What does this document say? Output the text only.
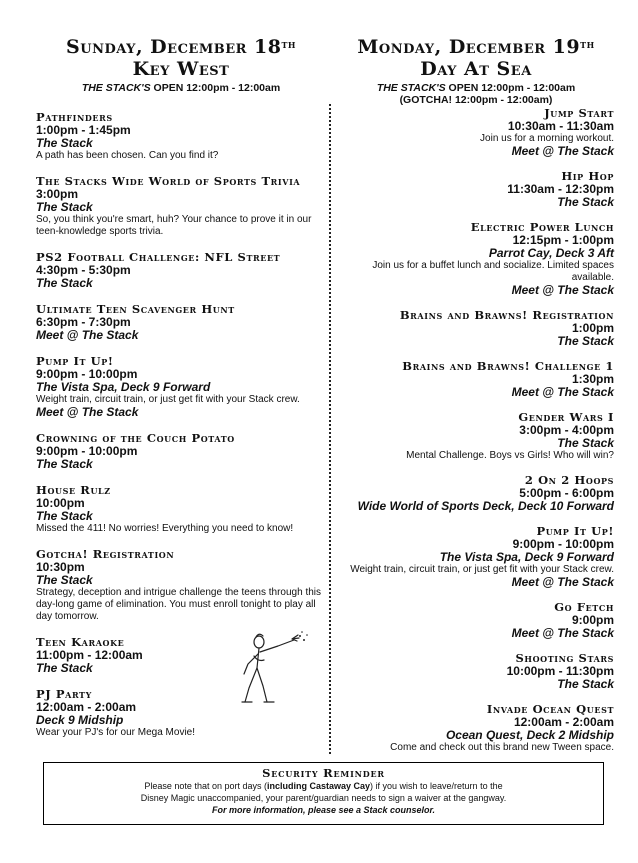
Sunday, December 18th
Key West
THE STACK'S OPEN 12:00pm - 12:00am
Monday, December 19th
Day At Sea
THE STACK'S OPEN 12:00pm - 12:00am
(GOTCHA! 12:00pm - 12:00am)
Pathfinders
1:00pm - 1:45pm
The Stack
A path has been chosen. Can you find it?
The Stacks Wide World of Sports Trivia
3:00pm
The Stack
So, you think you're smart, huh? Your chance to prove it in our teen-knowledge sports trivia.
PS2 Football Challenge: NFL Street
4:30pm - 5:30pm
The Stack
Ultimate Teen Scavenger Hunt
6:30pm - 7:30pm
Meet @ The Stack
Pump It Up!
9:00pm - 10:00pm
The Vista Spa, Deck 9 Forward
Weight train, circuit train, or just get fit with your Stack crew.
Meet @ The Stack
Crowning of the Couch Potato
9:00pm - 10:00pm
The Stack
House Rulz
10:00pm
The Stack
Missed the 411! No worries! Everything you need to know!
Gotcha! Registration
10:30pm
The Stack
Strategy, deception and intrigue challenge the teens through this day-long game of elimination. You must enroll tonight to play all day tomorrow.
Teen Karaoke
11:00pm - 12:00am
The Stack
PJ Party
12:00am - 2:00am
Deck 9 Midship
Wear your PJ's for our Mega Movie!
Jump Start
10:30am - 11:30am
Join us for a morning workout.
Meet @ The Stack
Hip Hop
11:30am - 12:30pm
The Stack
Electric Power Lunch
12:15pm - 1:00pm
Parrot Cay, Deck 3 Aft
Join us for a buffet lunch and socialize. Limited spaces available.
Meet @ The Stack
Brains and Brawns! Registration
1:00pm
The Stack
Brains and Brawns! Challenge 1
1:30pm
Meet @ The Stack
Gender Wars I
3:00pm - 4:00pm
The Stack
Mental Challenge. Boys vs Girls! Who will win?
2 On 2 Hoops
5:00pm - 6:00pm
Wide World of Sports Deck, Deck 10 Forward
Pump It Up!
9:00pm - 10:00pm
The Vista Spa, Deck 9 Forward
Weight train, circuit train, or just get fit with your Stack crew.
Meet @ The Stack
Go Fetch
9:00pm
Meet @ The Stack
Shooting Stars
10:00pm - 11:30pm
The Stack
Invade Ocean Quest
12:00am - 2:00am
Ocean Quest, Deck 2 Midship
Come and check out this brand new Tween space.
Security Reminder
Please note that on port days (including Castaway Cay) if you wish to leave/return to the
Disney Magic unaccompanied, your parent/guardian needs to sign a waiver at the gangway.
For more information, please see a Stack counselor.
